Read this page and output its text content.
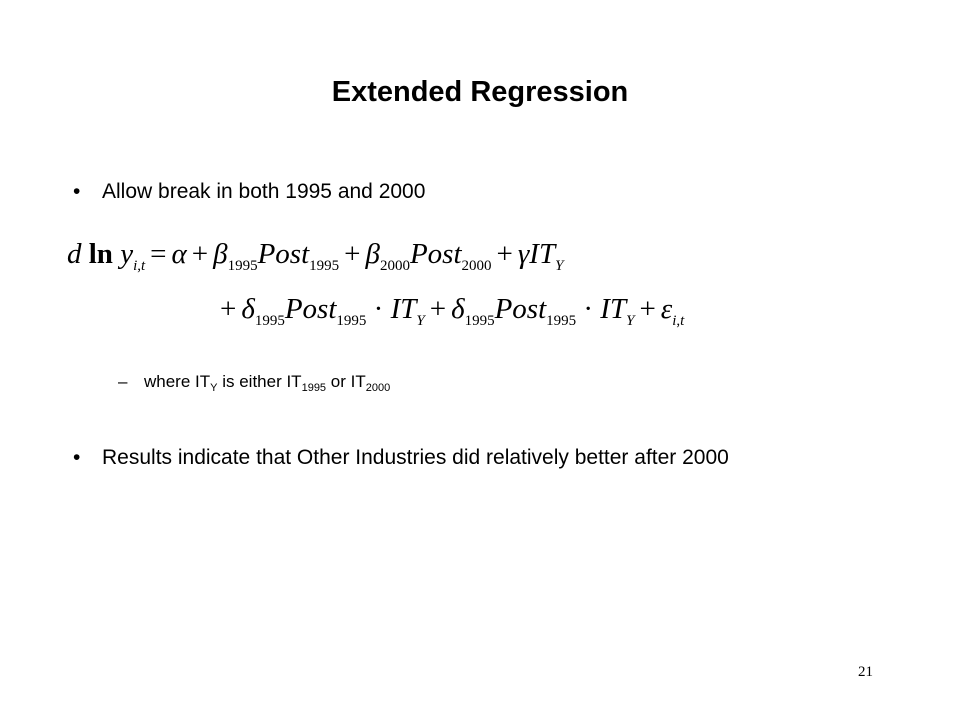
Extended Regression
• Allow break in both 1995 and 2000
d $\ln y_{i,t} = \alpha$ + $\beta_{1995}Post_{1995}$ + $\beta_{2000}Post_{2000} + \gamma IT_Y$
+ $\delta_{1995}Post_{1995} \cdot IT_Y$ + $\delta_{1995}Post_{1995} \cdot IT_Y + \varepsilon_{i,t}$
– where $IT_Y$ is either $IT_{1995}$ or $IT_{2000}$
• Results indicate that Other Industries did relatively better after 2000
21
